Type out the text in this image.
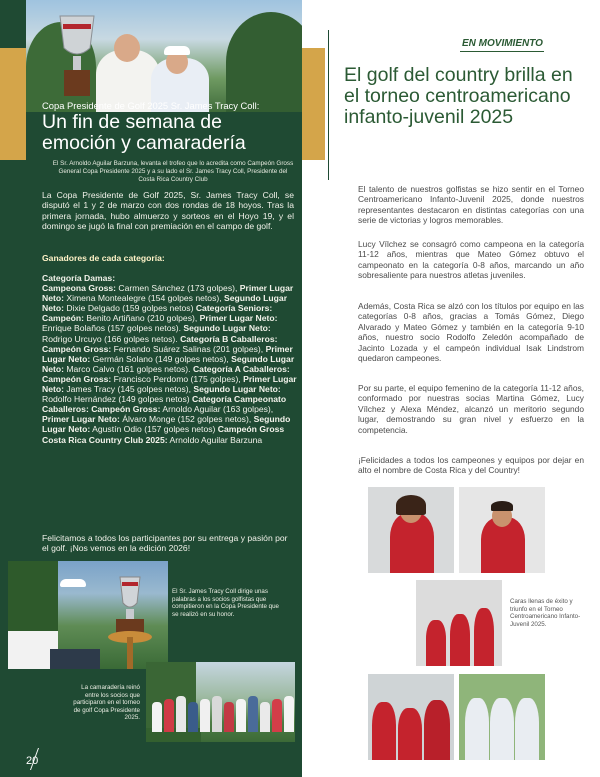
Copa Presidente de Golf 2025 Sr. James Tracy Coll:
Un fin de semana de emoción y camaradería
El Sr. Arnoldo Aguilar Barzuna, levanta el trofeo que lo acredita como Campeón Gross General Copa Presidente 2025 y a su lado el Sr. James Tracy Coll, Presidente del Costa Rica Country Club
La Copa Presidente de Golf 2025, Sr. James Tracy Coll, se disputó el 1 y 2 de marzo con dos rondas de 18 hoyos. Tras la primera jornada, hubo almuerzo y sorteos en el Hoyo 19, y el domingo se jugó la final con premiación en el campo de golf.
Ganadores de cada categoría:
Categoría Damas:
Campeona Gross: Carmen Sánchez (173 golpes), Primer Lugar Neto: Ximena Montealegre (154 golpes netos), Segundo Lugar Neto: Dixie Delgado (159 golpes netos) Categoría Seniors: Campeón: Benito Artiñano (210 golpes), Primer Lugar Neto: Enrique Bolaños (157 golpes netos). Segundo Lugar Neto: Rodrigo Urcuyo (166 golpes netos). Categoría B Caballeros: Campeón Gross: Fernando Suárez Salinas (201 golpes), Primer Lugar Neto: Germán Solano (149 golpes netos), Segundo Lugar Neto: Marco Calvo (161 golpes netos). Categoría A Caballeros: Campeón Gross: Francisco Perdomo (175 golpes), Primer Lugar Neto: James Tracy (145 golpes netos), Segundo Lugar Neto: Rodolfo Hernández (149 golpes netos) Categoría Campeonato Caballeros: Campeón Gross: Arnoldo Aguilar (163 golpes), Primer Lugar Neto: Álvaro Monge (152 golpes netos), Segundo Lugar Neto: Agustín Odio (157 golpes netos) Campeón Gross Costa Rica Country Club 2025: Arnoldo Aguilar Barzuna
Felicitamos a todos los participantes por su entrega y pasión por el golf. ¡Nos vemos en la edición 2026!
El Sr. James Tracy Coll dirige unas palabras a los socios golfistas que compitieron en la Copa Presidente que se realizó en su honor.
La camaradería reinó entre los socios que participaron en el torneo de golf Copa Presidente 2025.
20
EN MOVIMIENTO
El golf del country brilla en el torneo centroamericano infanto-juvenil 2025
El talento de nuestros golfistas se hizo sentir en el Torneo Centroamericano Infanto-Juvenil 2025, donde nuestros representantes destacaron en distintas categorías con una serie de victorias y logros memorables.
Lucy Vílchez se consagró como campeona en la categoría 11-12 años, mientras que Mateo Gómez obtuvo el campeonato en la categoría 0-8 años, marcando un año sobresaliente para nuestros atletas juveniles.
Además, Costa Rica se alzó con los títulos por equipo en las categorías 0-8 años, gracias a Tomás Gómez, Diego Alvarado y Mateo Gómez y también en la categoría 9-10 años, nuestro socio Rodolfo Zeledón acompañado de Jacinto Lozada y el campeón individual Isak Lindstrom quedaron campeones.
Por su parte, el equipo femenino de la categoría 11-12 años, conformado por nuestras socias Martina Gómez, Lucy Vílchez y Alexa Méndez, alcanzó un meritorio segundo lugar, demostrando su gran nivel y esfuerzo en la competencia.
¡Felicidades a todos los campeones y equipos por dejar en alto el nombre de Costa Rica y del Country!
Caras llenas de éxito y triunfo en el Torneo Centroamericano Infanto-Juvenil 2025.
